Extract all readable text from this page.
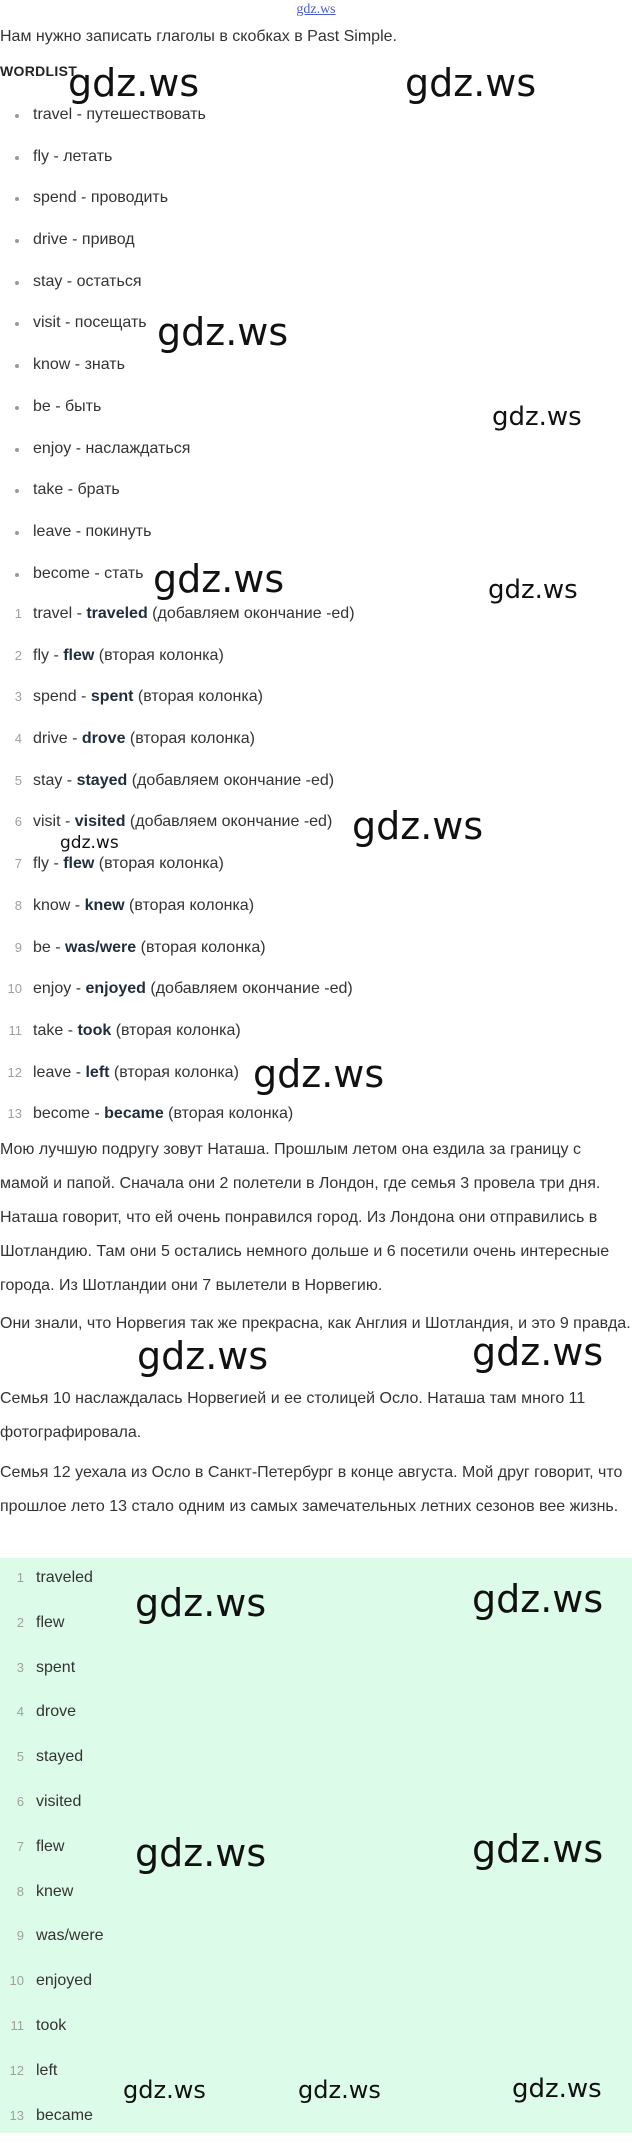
gdz.ws
Нам нужно записать глаголы в скобках в Past Simple.
WORDLIST
travel - путешествовать
fly - летать
spend - проводить
drive - привод
stay - остаться
visit - посещать
know - знать
be - быть
enjoy - наслаждаться
take - брать
leave - покинуть
become - стать
1 travel - traveled (добавляем окончание -ed)
2 fly - flew (вторая колонка)
3 spend - spent (вторая колонка)
4 drive - drove (вторая колонка)
5 stay - stayed (добавляем окончание -ed)
6 visit - visited (добавляем окончание -ed)
7 fly - flew (вторая колонка)
8 know - knew (вторая колонка)
9 be - was/were (вторая колонка)
10 enjoy - enjoyed (добавляем окончание -ed)
11 take - took (вторая колонка)
12 leave - left (вторая колонка)
13 become - became (вторая колонка)

Мою лучшую подругу зовут Наташа. Прошлым летом она ездила за границу с мамой и папой. Сначала они 2 полетели в Лондон, где семья 3 провела три дня. Наташа говорит, что ей очень понравился город. Из Лондона они отправились в Шотландию. Там они 5 остались немного дольше и 6 посетили очень интересные города. Из Шотландии они 7 вылетели в Норвегию.

Они знали, что Норвегия так же прекрасна, как Англия и Шотландия, и это 9 правда.

Семья 10 наслаждалась Норвегией и ее столицей Осло. Наташа там много 11 фотографировала.

Семья 12 уехала из Осло в Санкт-Петербург в конце августа. Мой друг говорит, что прошлое лето 13 стало одним из самых замечательных летних сезонов вее жизнь.

1 traveled
2 flew
3 spent
4 drove
5 stayed
6 visited
7 flew
8 knew
9 was/were
10 enjoyed
11 took
12 left
13 became
gdz.ws	gdz.ws
gdz.ws
gdz.ws
gdz.ws	gdz.ws
gdz.ws
gdz.ws
gdz.ws
gdz.ws	gdz.ws
gdz.ws	gdz.ws
gdz.ws	gdz.ws
gdz.ws	gdz.ws	gdz.ws
